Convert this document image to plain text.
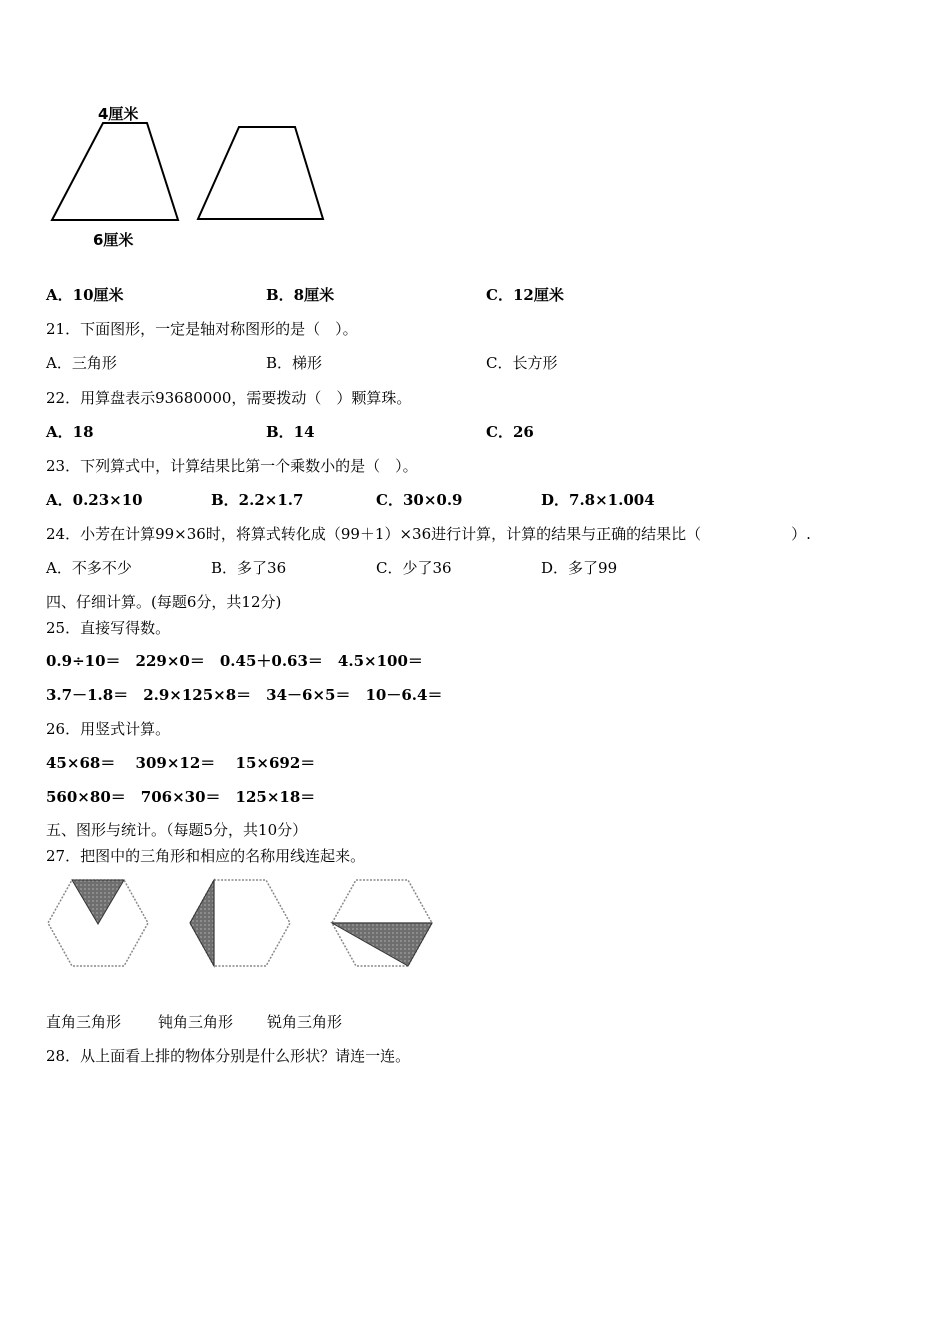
4厘米
6厘米
A．10厘米	B．8厘米	C．12厘米
21．下面图形，一定是轴对称图形的是（　）。
A．三角形	B．梯形	C．长方形
22．用算盘表示93680000，需要拨动（　）颗算珠。
A．18	B．14	C．26
23．下列算式中，计算结果比第一个乘数小的是（　）。
A．0.23×10	B．2.2×1.7	C．30×0.9	D．7.8×1.004
24．小芳在计算99×36时，将算式转化成（99＋1）×36进行计算，计算的结果与正确的结果比（　　　　　　）.
A．不多不少	B．多了36	C．少了36	D．多了99
四、仔细计算。(每题6分，共12分)
25．直接写得数。
0.9÷10＝　229×0＝　0.45＋0.63＝　4.5×100＝
3.7－1.8＝　2.9×125×8＝　34－6×5＝　10－6.4＝
26．用竖式计算。
45×68＝　 309×12＝　 15×692＝
560×80＝　706×30＝　125×18＝
五、图形与统计。（每题5分，共10分）
27．把图中的三角形和相应的名称用线连起来。
直角三角形 钝角三角形 锐角三角形
28．从上面看上排的物体分别是什么形状？请连一连。
